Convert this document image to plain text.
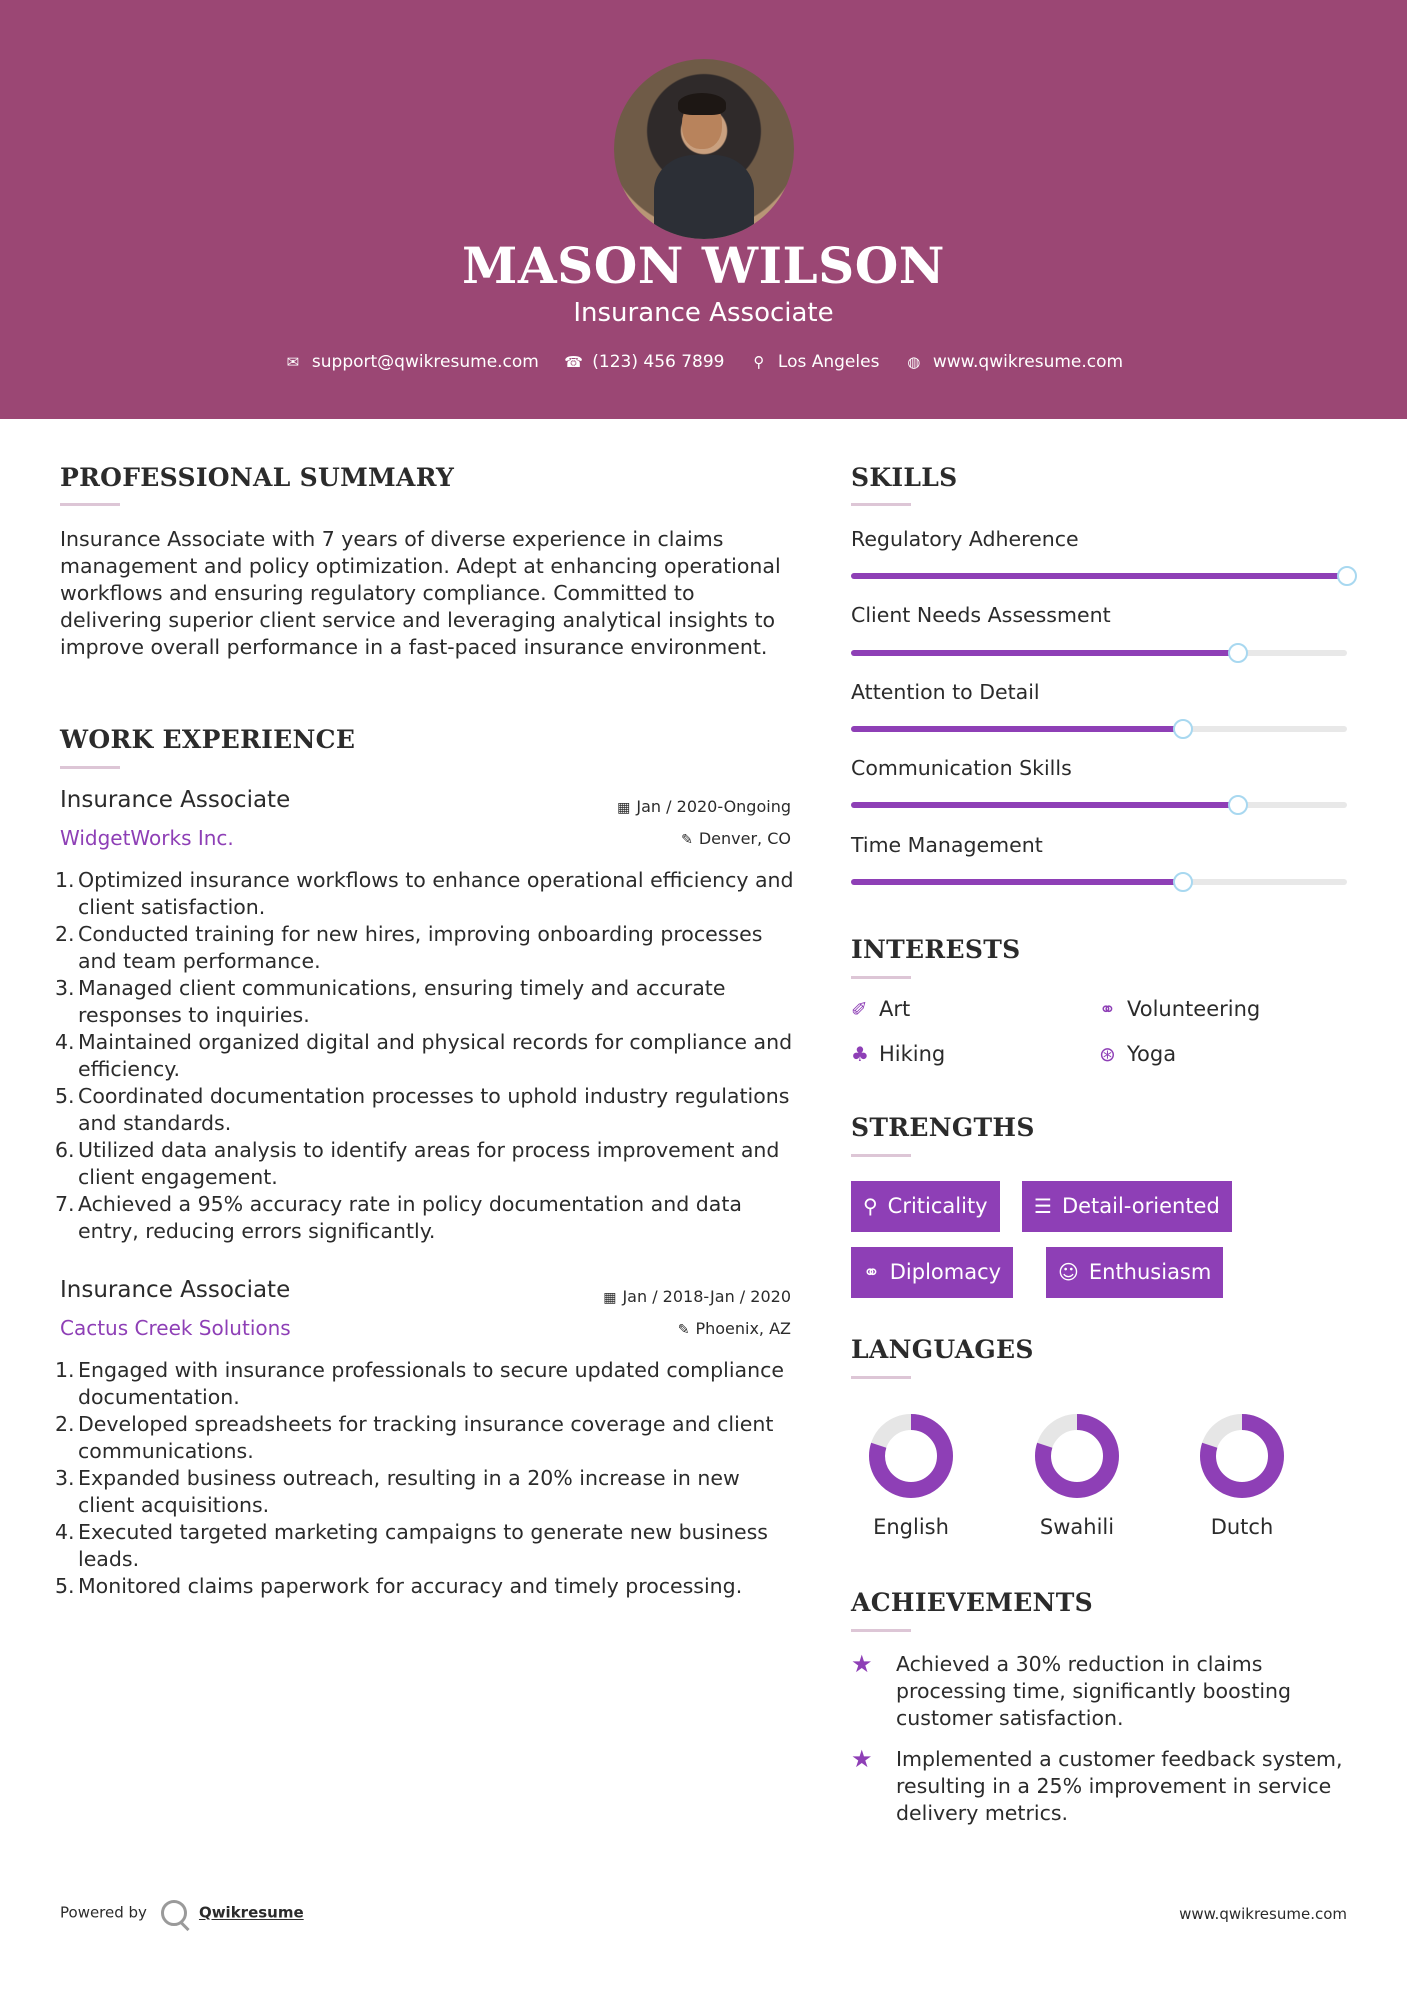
MASON WILSON
Insurance Associate
✉ support@qwikresume.com ☎ (123) 456 7899 ⚲ Los Angeles ◍ www.qwikresume.com
PROFESSIONAL SUMMARY
Insurance Associate with 7 years of diverse experience in claims management and policy optimization. Adept at enhancing operational workflows and ensuring regulatory compliance. Committed to delivering superior client service and leveraging analytical insights to improve overall performance in a fast-paced insurance environment.
WORK EXPERIENCE
Insurance Associate	▦ Jan / 2020-Ongoing
WidgetWorks Inc.	✎ Denver, CO
1. Optimized insurance workflows to enhance operational efficiency and client satisfaction.
2. Conducted training for new hires, improving onboarding processes and team performance.
3. Managed client communications, ensuring timely and accurate responses to inquiries.
4. Maintained organized digital and physical records for compliance and efficiency.
5. Coordinated documentation processes to uphold industry regulations and standards.
6. Utilized data analysis to identify areas for process improvement and client engagement.
7. Achieved a 95% accuracy rate in policy documentation and data entry, reducing errors significantly.
Insurance Associate	▦ Jan / 2018-Jan / 2020
Cactus Creek Solutions	✎ Phoenix, AZ
1. Engaged with insurance professionals to secure updated compliance documentation.
2. Developed spreadsheets for tracking insurance coverage and client communications.
3. Expanded business outreach, resulting in a 20% increase in new client acquisitions.
4. Executed targeted marketing campaigns to generate new business leads.
5. Monitored claims paperwork for accuracy and timely processing.
SKILLS
Regulatory Adherence
Client Needs Assessment
Attention to Detail
Communication Skills
Time Management
INTERESTS
✐ Art	⚭ Volunteering
♣ Hiking	⊛ Yoga
STRENGTHS
⚲ Criticality	☰ Detail-oriented
⚭ Diplomacy	☺ Enthusiasm
LANGUAGES
English	Swahili	Dutch
ACHIEVEMENTS
★	Achieved a 30% reduction in claims processing time, significantly boosting customer satisfaction.
★	Implemented a customer feedback system, resulting in a 25% improvement in service delivery metrics.
Powered by	Qwikresume	www.qwikresume.com
